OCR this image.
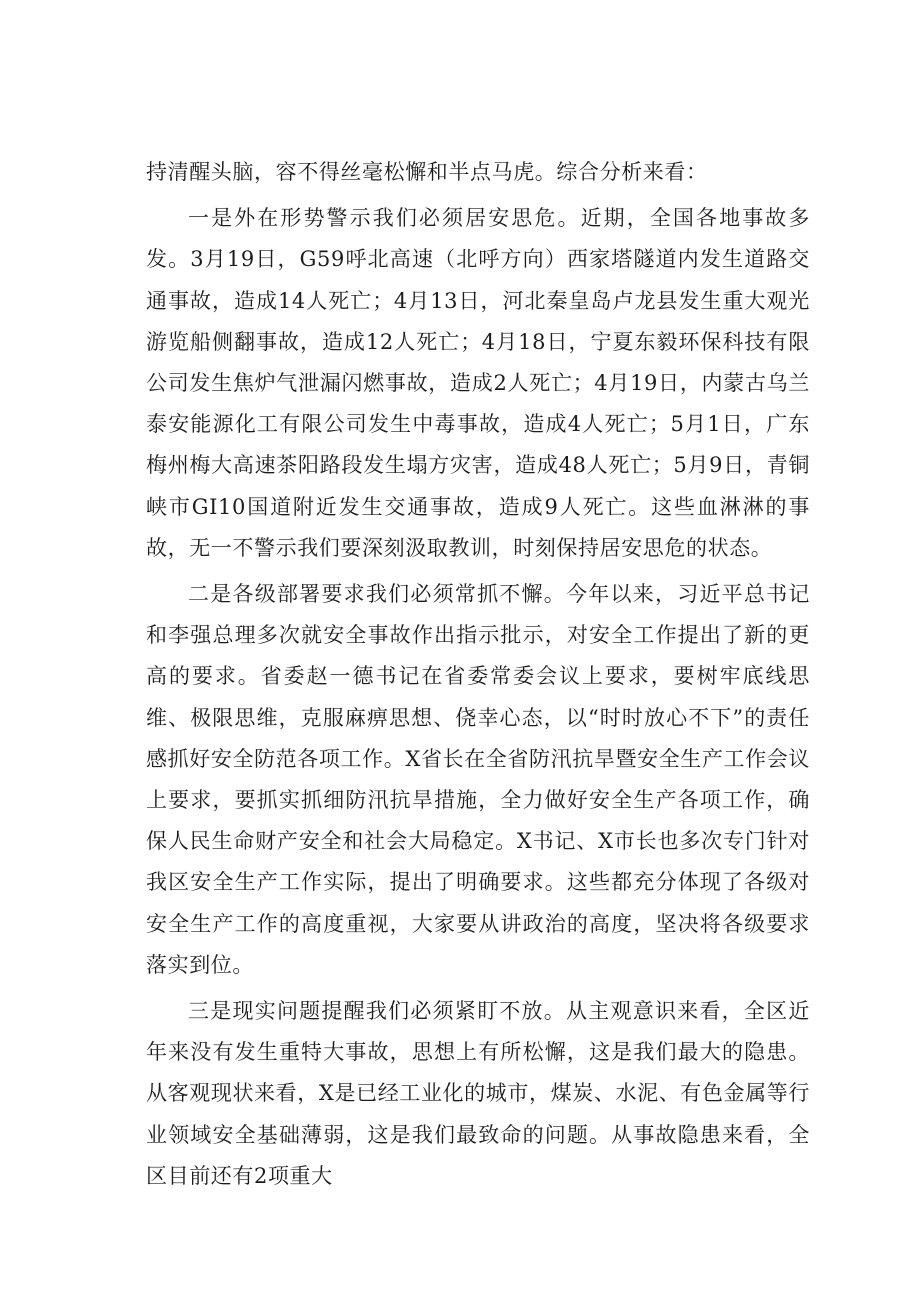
持清醒头脑，容不得丝毫松懈和半点马虎。综合分析来看：

一是外在形势警示我们必须居安思危。近期，全国各地事故多发。3月19日，G59呼北高速（北呼方向）西家塔隧道内发生道路交通事故，造成14人死亡；4月13日，河北秦皇岛卢龙县发生重大观光游览船侧翻事故，造成12人死亡；4月18日，宁夏东毅环保科技有限公司发生焦炉气泄漏闪燃事故，造成2人死亡；4月19日，内蒙古乌兰泰安能源化工有限公司发生中毒事故，造成4人死亡；5月1日，广东梅州梅大高速茶阳路段发生塌方灾害，造成48人死亡；5月9日，青铜峡市GI10国道附近发生交通事故，造成9人死亡。这些血淋淋的事故，无一不警示我们要深刻汲取教训，时刻保持居安思危的状态。

二是各级部署要求我们必须常抓不懈。今年以来，习近平总书记和李强总理多次就安全事故作出指示批示，对安全工作提出了新的更高的要求。省委赵一德书记在省委常委会议上要求，要树牢底线思维、极限思维，克服麻痹思想、侥幸心态，以“时时放心不下”的责任感抓好安全防范各项工作。X省长在全省防汛抗旱暨安全生产工作会议上要求，要抓实抓细防汛抗旱措施，全力做好安全生产各项工作，确保人民生命财产安全和社会大局稳定。X书记、X市长也多次专门针对我区安全生产工作实际，提出了明确要求。这些都充分体现了各级对安全生产工作的高度重视，大家要从讲政治的高度，坚决将各级要求落实到位。

三是现实问题提醒我们必须紧盯不放。从主观意识来看，全区近年来没有发生重特大事故，思想上有所松懈，这是我们最大的隐患。从客观现状来看，X是已经工业化的城市，煤炭、水泥、有色金属等行业领域安全基础薄弱，这是我们最致命的问题。从事故隐患来看，全区目前还有2项重大
